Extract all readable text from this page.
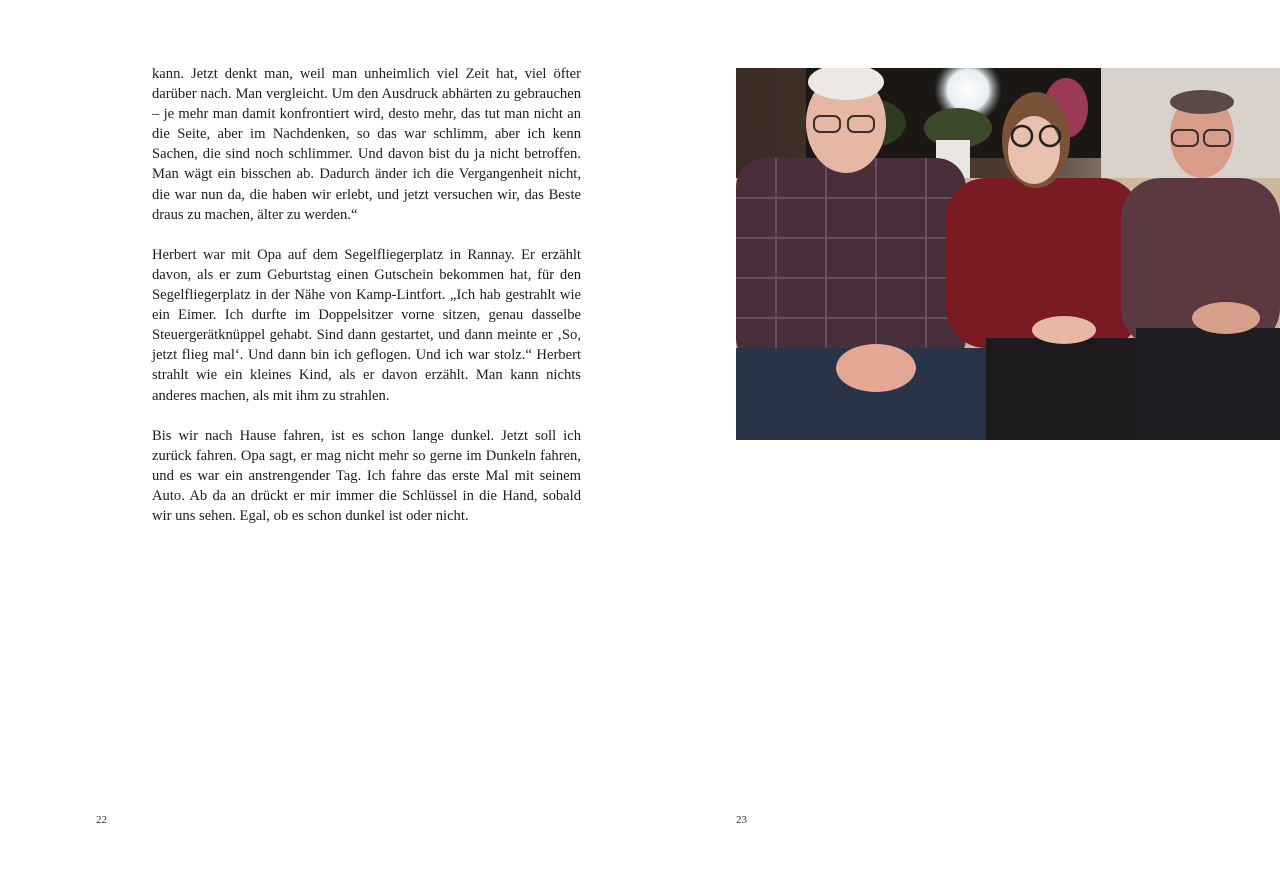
kann. Jetzt denkt man, weil man unheimlich viel Zeit hat, viel öfter darüber nach. Man vergleicht. Um den Ausdruck abhärten zu gebrauchen – je mehr man damit konfrontiert wird, desto mehr, das tut man nicht an die Seite, aber im Nachdenken, so das war schlimm, aber ich kenn Sachen, die sind noch schlimmer. Und davon bist du ja nicht betroffen. Man wägt ein bisschen ab. Dadurch änder ich die Vergangenheit nicht, die war nun da, die haben wir erlebt, und jetzt versuchen wir, das Beste draus zu machen, älter zu werden.“

Herbert war mit Opa auf dem Segelfliegerplatz in Rannay. Er erzählt davon, als er zum Geburtstag einen Gutschein bekommen hat, für den Segelfliegerplatz in der Nähe von Kamp-Lintfort. „Ich hab gestrahlt wie ein Eimer. Ich durfte im Doppelsitzer vorne sitzen, genau dasselbe Steuergerätknüppel gehabt. Sind dann gestartet, und dann meinte er ‚So, jetzt flieg mal‘. Und dann bin ich geflogen. Und ich war stolz.“ Herbert strahlt wie ein kleines Kind, als er davon erzählt. Man kann nichts anderes machen, als mit ihm zu strahlen.

Bis wir nach Hause fahren, ist es schon lange dunkel. Jetzt soll ich zurück fahren. Opa sagt, er mag nicht mehr so gerne im Dunkeln fahren, und es war ein anstrengender Tag. Ich fahre das erste Mal mit seinem Auto. Ab da an drückt er mir immer die Schlüssel in die Hand, sobald wir uns sehen. Egal, ob es schon dunkel ist oder nicht.

22	23
